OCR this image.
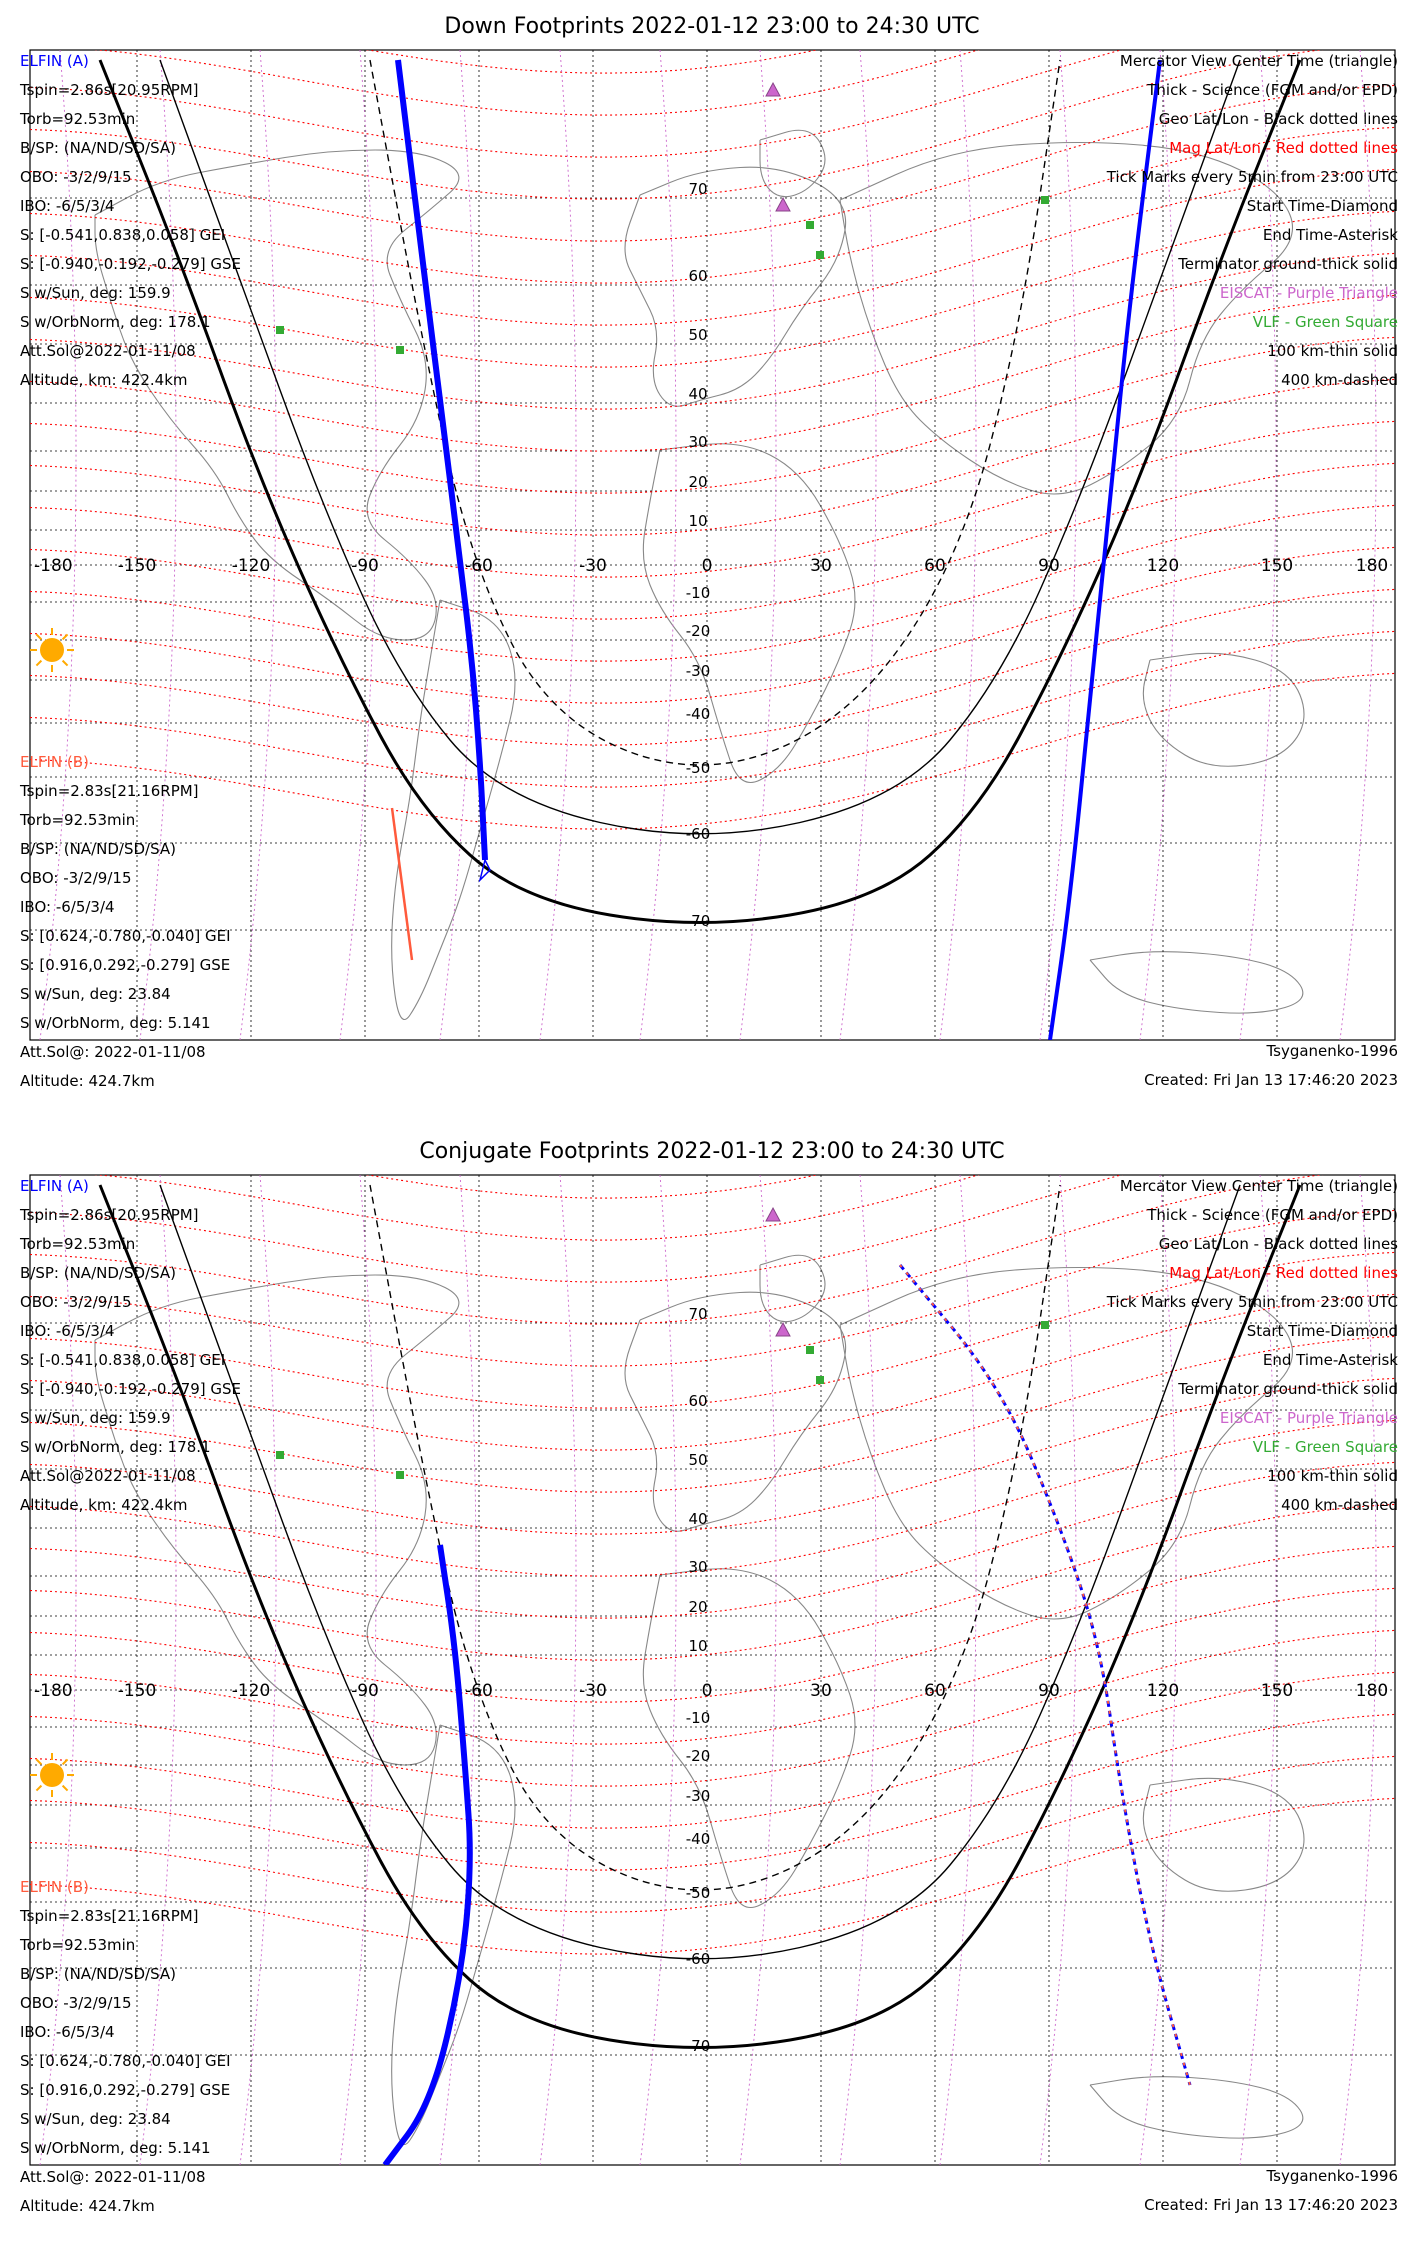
Down Footprints 2022-01-12 23:00 to 24:30 UTC
-180	-150	-120	-90	-60	-30	0	30	60	90	120	150	180
70
60
50
40
30
20
10
-10
-20
-30
-40
-50
-60
-70
ELFIN (A)
Tspin=2.86s[20.95RPM]
Torb=92.53min
B/SP: (NA/ND/SD/SA)
OBO: -3/2/9/15
IBO: -6/5/3/4
S: [-0.541,0.838,0.058] GEI
S: [-0.940,-0.192,-0.279] GSE
S w/Sun, deg: 159.9
S w/OrbNorm, deg: 178.1
Att.Sol@2022-01-11/08
Altitude, km: 422.4km
ELFIN (B)
Tspin=2.83s[21.16RPM]
Torb=92.53min
B/SP: (NA/ND/SD/SA)
OBO: -3/2/9/15
IBO: -6/5/3/4
S: [0.624,-0.780,-0.040] GEI
S: [0.916,0.292,-0.279] GSE
S w/Sun, deg: 23.84
S w/OrbNorm, deg: 5.141
Att.Sol@: 2022-01-11/08
Altitude: 424.7km
Mercator View Center Time (triangle)
Thick - Science (FGM and/or EPD)
Geo Lat/Lon - Black dotted lines
Mag Lat/Lon - Red dotted lines
Tick Marks every 5min from 23:00 UTC
Start Time-Diamond
End Time-Asterisk
Terminator ground-thick solid
EISCAT - Purple Triangle
VLF - Green Square
100 km-thin solid
400 km-dashed
Tsyganenko-1996
Created: Fri Jan 13 17:46:20 2023
Conjugate Footprints 2022-01-12 23:00 to 24:30 UTC
-180	-150	-120	-90	-60	-30	0	30	60	90	120	150	180
70
60
50
40
30
20
10
-10
-20
-30
-40
-50
-60
-70
ELFIN (A)
Tspin=2.86s[20.95RPM]
Torb=92.53min
B/SP: (NA/ND/SD/SA)
OBO: -3/2/9/15
IBO: -6/5/3/4
S: [-0.541,0.838,0.058] GEI
S: [-0.940,-0.192,-0.279] GSE
S w/Sun, deg: 159.9
S w/OrbNorm, deg: 178.1
Att.Sol@2022-01-11/08
Altitude, km: 422.4km
ELFIN (B)
Tspin=2.83s[21.16RPM]
Torb=92.53min
B/SP: (NA/ND/SD/SA)
OBO: -3/2/9/15
IBO: -6/5/3/4
S: [0.624,-0.780,-0.040] GEI
S: [0.916,0.292,-0.279] GSE
S w/Sun, deg: 23.84
S w/OrbNorm, deg: 5.141
Att.Sol@: 2022-01-11/08
Altitude: 424.7km
Mercator View Center Time (triangle)
Thick - Science (FGM and/or EPD)
Geo Lat/Lon - Black dotted lines
Mag Lat/Lon - Red dotted lines
Tick Marks every 5min from 23:00 UTC
Start Time-Diamond
End Time-Asterisk
Terminator ground-thick solid
EISCAT - Purple Triangle
VLF - Green Square
100 km-thin solid
400 km-dashed
Tsyganenko-1996
Created: Fri Jan 13 17:46:20 2023
